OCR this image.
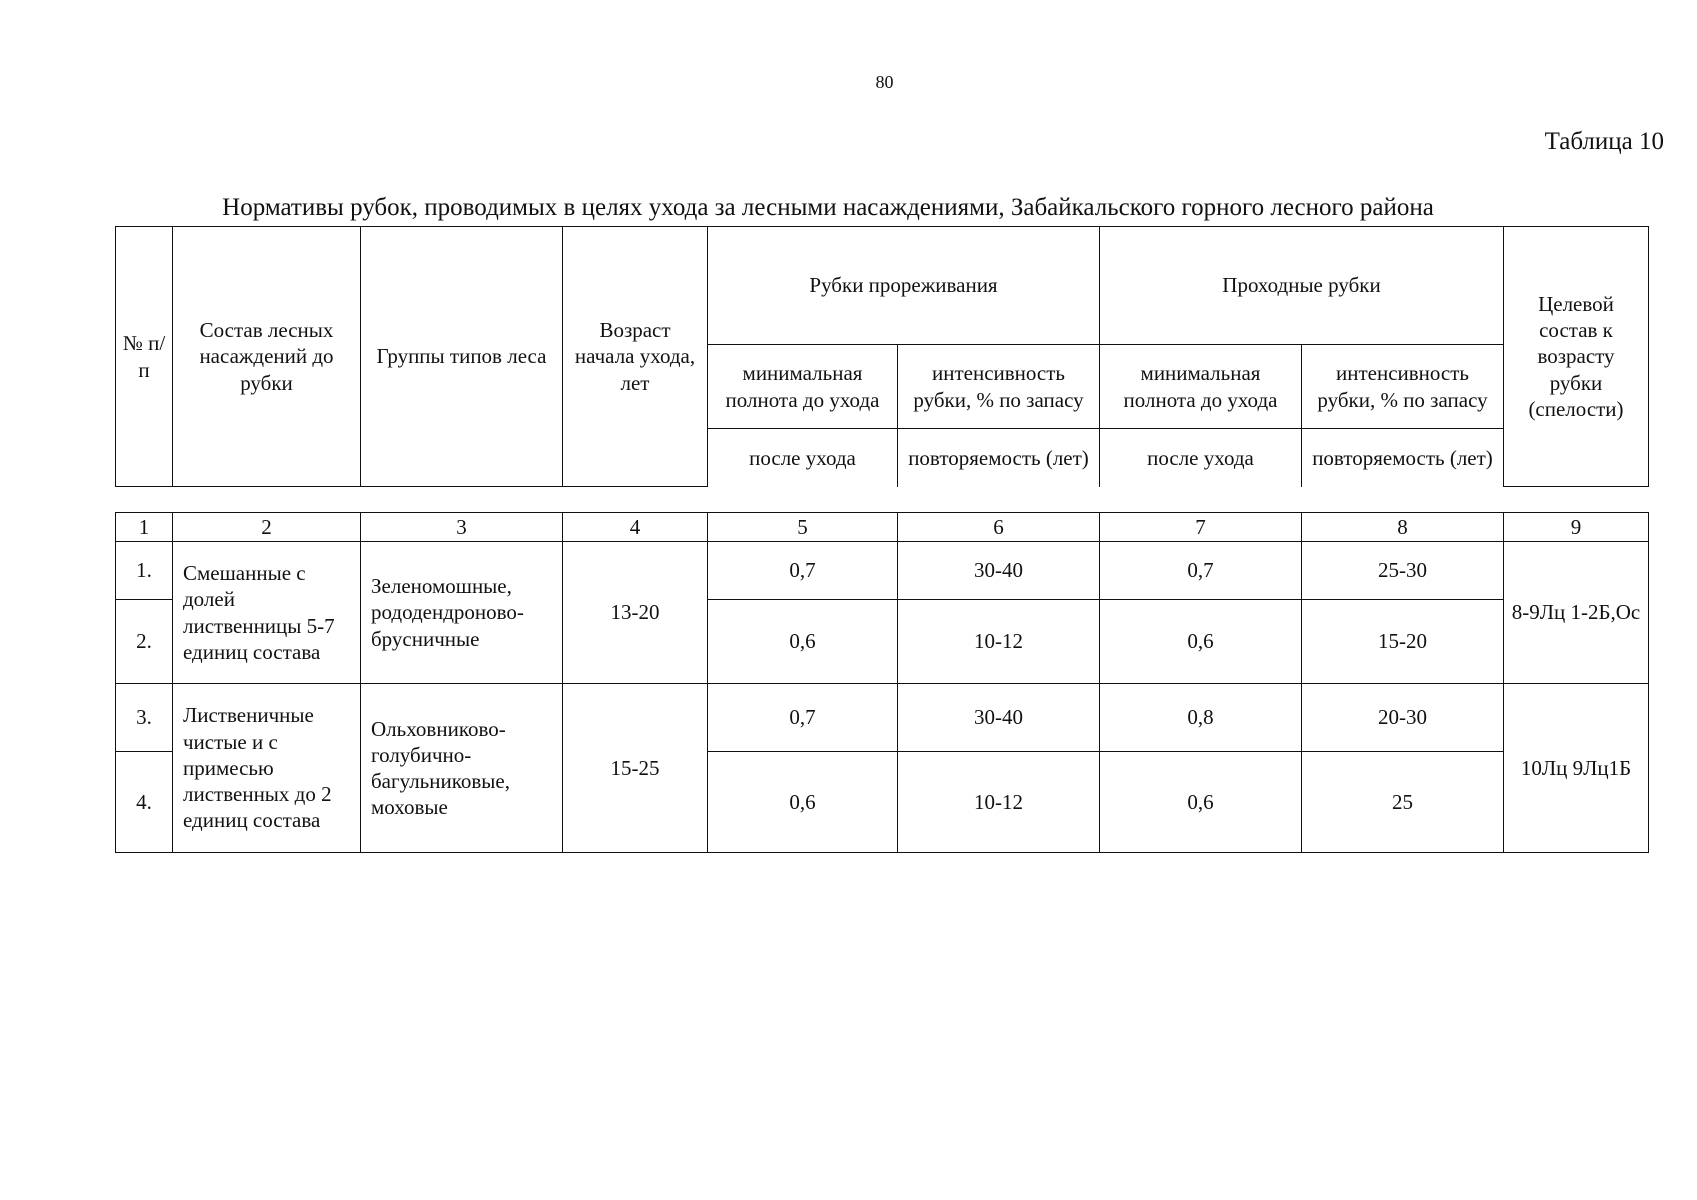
80
Таблица 10
Нормативы рубок, проводимых в целях ухода за лесными насаждениями, Забайкальского горного лесного района
№ п/п	Состав лесных насаждений до рубки	Группы типов леса	Возраст начала ухода, лет	Рубки прореживания		Проходные рубки		Целевой состав к возрасту рубки (спелости)
				минимальная полнота до ухода	интенсивность рубки, % по запасу	минимальная полнота до ухода	интенсивность рубки, % по запасу	
				после ухода	повторяемость (лет)	после ухода	повторяемость (лет)	
1	2	3	4	5	6	7	8	9
1.	Смешанные с долей лиственницы 5-7 единиц состава	Зеленомошные, рододендроново-брусничные	13-20	0,7	30-40	0,7	25-30	8-9Лц 1-2Б,Ос
2.				0,6	10-12	0,6	15-20	
3.	Лиственичные чистые и с примесью лиственных до 2 единиц состава	Ольховниково-голубично-багульниковые, моховые	15-25	0,7	30-40	0,8	20-30	10Лц 9Лц1Б
4.				0,6	10-12	0,6	25	
